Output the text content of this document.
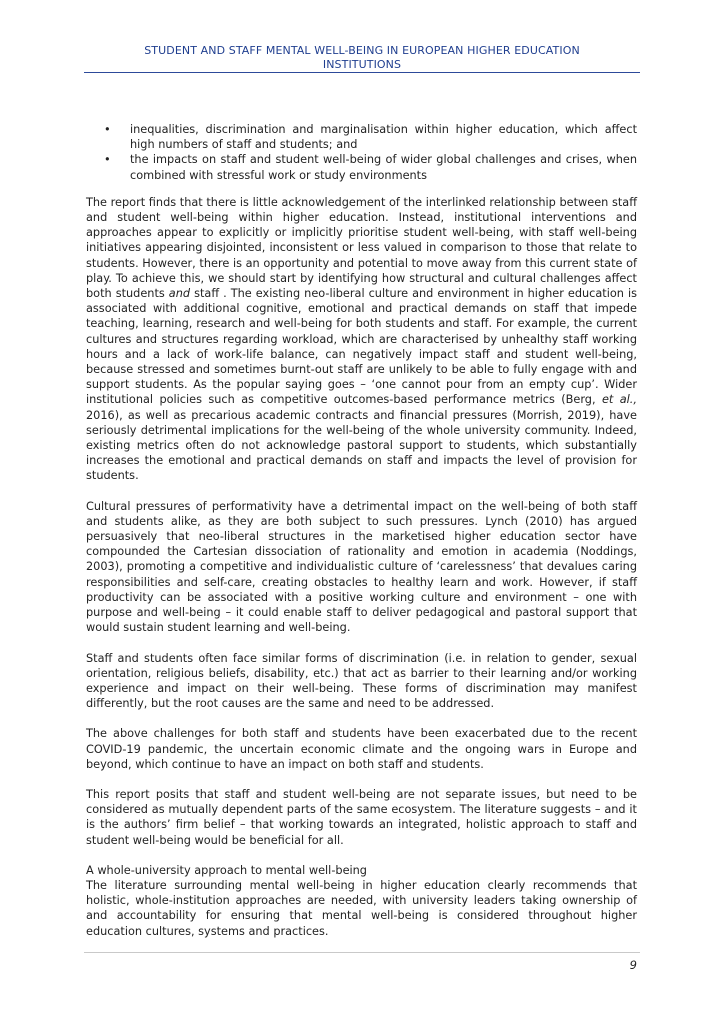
STUDENT AND STAFF MENTAL WELL-BEING IN EUROPEAN HIGHER EDUCATION
INSTITUTIONS
• inequalities, discrimination and marginalisation within higher education, which affect high numbers of staff and students; and
• the impacts on staff and student well-being of wider global challenges and crises, when combined with stressful work or study environments

The report finds that there is little acknowledgement of the interlinked relationship between staff and student well-being within higher education. Instead, institutional interventions and approaches appear to explicitly or implicitly prioritise student well-being, with staff well-being initiatives appearing disjointed, inconsistent or less valued in comparison to those that relate to students. However, there is an opportunity and potential to move away from this current state of play. To achieve this, we should start by identifying how structural and cultural challenges affect both students and staff . The existing neo-liberal culture and environment in higher education is associated with additional cognitive, emotional and practical demands on staff that impede teaching, learning, research and well-being for both students and staff. For example, the current cultures and structures regarding workload, which are characterised by unhealthy staff working hours and a lack of work-life balance, can negatively impact staff and student well-being, because stressed and sometimes burnt-out staff are unlikely to be able to fully engage with and support students. As the popular saying goes – ‘one cannot pour from an empty cup’. Wider institutional policies such as competitive outcomes-based performance metrics (Berg, et al., 2016), as well as precarious academic contracts and financial pressures (Morrish, 2019), have seriously detrimental implications for the well-being of the whole university community. Indeed, existing metrics often do not acknowledge pastoral support to students, which substantially increases the emotional and practical demands on staff and impacts the level of provision for students.

Cultural pressures of performativity have a detrimental impact on the well-being of both staff and students alike, as they are both subject to such pressures. Lynch (2010) has argued persuasively that neo-liberal structures in the marketised higher education sector have compounded the Cartesian dissociation of rationality and emotion in academia (Noddings, 2003), promoting a competitive and individualistic culture of ‘carelessness’ that devalues caring responsibilities and self-care, creating obstacles to healthy learn and work. However, if staff productivity can be associated with a positive working culture and environment – one with purpose and well-being – it could enable staff to deliver pedagogical and pastoral support that would sustain student learning and well-being.

Staff and students often face similar forms of discrimination (i.e. in relation to gender, sexual orientation, religious beliefs, disability, etc.) that act as barrier to their learning and/or working experience and impact on their well-being. These forms of discrimination may manifest differently, but the root causes are the same and need to be addressed.

The above challenges for both staff and students have been exacerbated due to the recent COVID-19 pandemic, the uncertain economic climate and the ongoing wars in Europe and beyond, which continue to have an impact on both staff and students.

This report posits that staff and student well-being are not separate issues, but need to be considered as mutually dependent parts of the same ecosystem. The literature suggests – and it is the authors’ firm belief – that working towards an integrated, holistic approach to staff and student well-being would be beneficial for all.

A whole-university approach to mental well-being

The literature surrounding mental well-being in higher education clearly recommends that holistic, whole-institution approaches are needed, with university leaders taking ownership of and accountability for ensuring that mental well-being is considered throughout higher education cultures, systems and practices.

9
